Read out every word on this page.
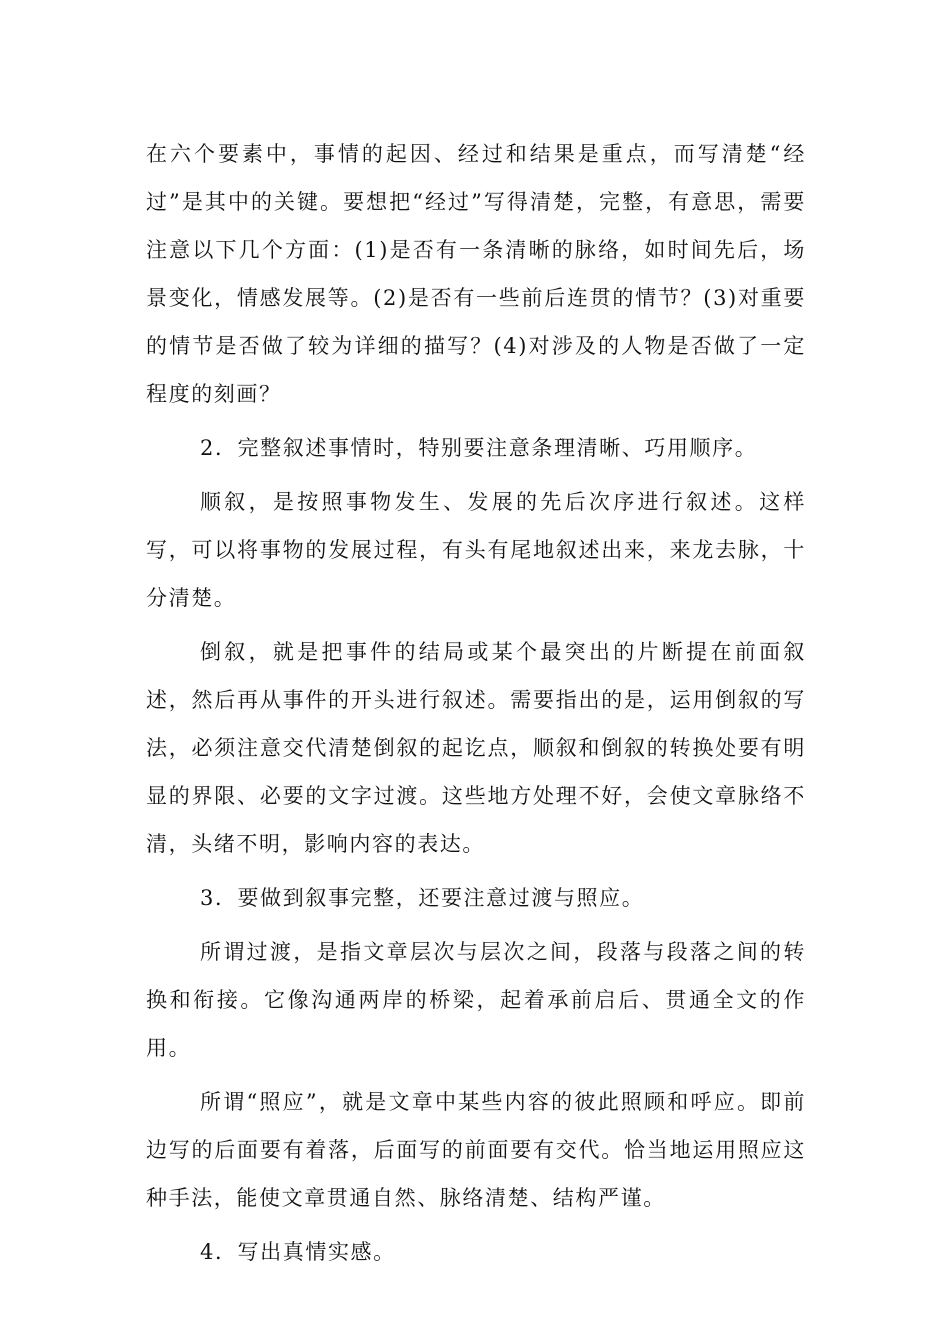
在六个要素中，事情的起因、经过和结果是重点，而写清楚“经过”是其中的关键。要想把“经过”写得清楚，完整，有意思，需要注意以下几个方面：(1)是否有一条清晰的脉络，如时间先后，场景变化，情感发展等。(2)是否有一些前后连贯的情节？(3)对重要的情节是否做了较为详细的描写？(4)对涉及的人物是否做了一定程度的刻画？

2．完整叙述事情时，特别要注意条理清晰、巧用顺序。

顺叙，是按照事物发生、发展的先后次序进行叙述。这样写，可以将事物的发展过程，有头有尾地叙述出来，来龙去脉，十分清楚。

倒叙，就是把事件的结局或某个最突出的片断提在前面叙述，然后再从事件的开头进行叙述。需要指出的是，运用倒叙的写法，必须注意交代清楚倒叙的起讫点，顺叙和倒叙的转换处要有明显的界限、必要的文字过渡。这些地方处理不好，会使文章脉络不清，头绪不明，影响内容的表达。

3．要做到叙事完整，还要注意过渡与照应。

所谓过渡，是指文章层次与层次之间，段落与段落之间的转换和衔接。它像沟通两岸的桥梁，起着承前启后、贯通全文的作用。

所谓“照应”，就是文章中某些内容的彼此照顾和呼应。即前边写的后面要有着落，后面写的前面要有交代。恰当地运用照应这种手法，能使文章贯通自然、脉络清楚、结构严谨。

4．写出真情实感。
